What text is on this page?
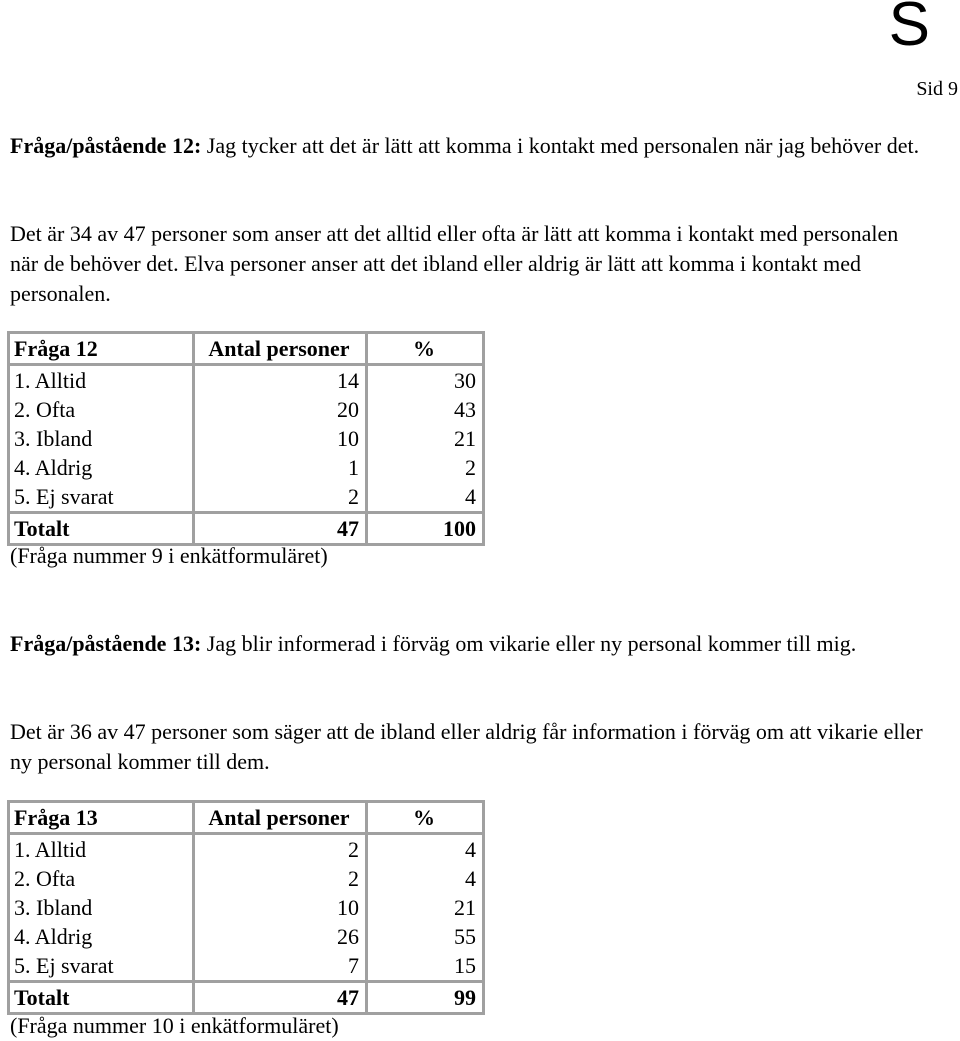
S
Sid 9

Fråga/påstående 12: Jag tycker att det är lätt att komma i kontakt med personalen när jag behöver det.

Det är 34 av 47 personer som anser att det alltid eller ofta är lätt att komma i kontakt med personalen när de behöver det. Elva personer anser att det ibland eller aldrig är lätt att komma i kontakt med personalen.

Fråga 12	Antal personer	%
1. Alltid	14	30
2. Ofta	20	43
3. Ibland	10	21
4. Aldrig	1	2
5. Ej svarat	2	4
Totalt	47	100
(Fråga nummer 9 i enkätformuläret)

Fråga/påstående 13: Jag blir informerad i förväg om vikarie eller ny personal kommer till mig.

Det är 36 av 47 personer som säger att de ibland eller aldrig får information i förväg om att vikarie eller ny personal kommer till dem.

Fråga 13	Antal personer	%
1. Alltid	2	4
2. Ofta	2	4
3. Ibland	10	21
4. Aldrig	26	55
5. Ej svarat	7	15
Totalt	47	99
(Fråga nummer 10 i enkätformuläret)
